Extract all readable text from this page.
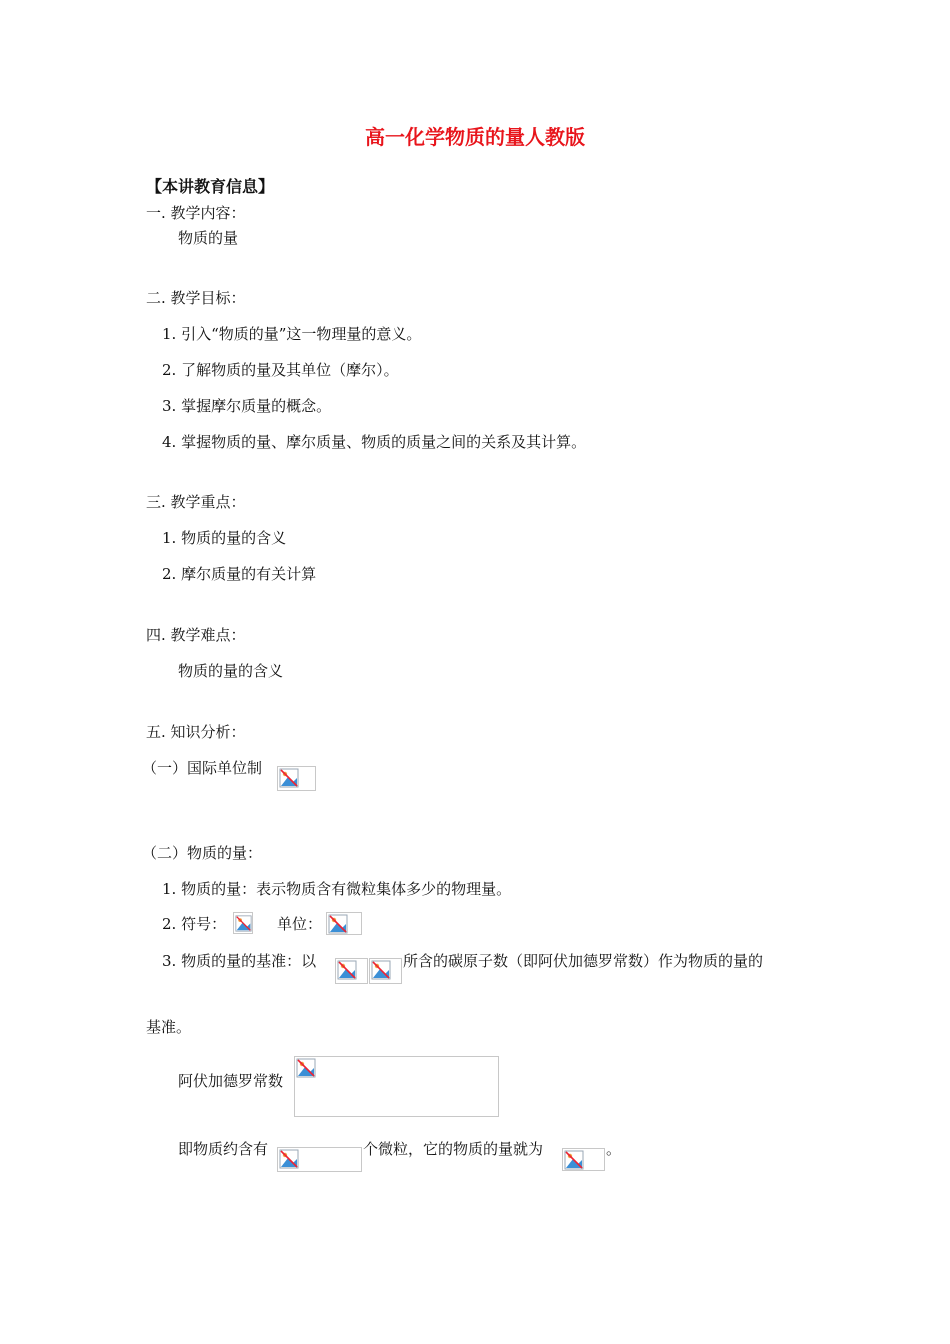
高一化学物质的量人教版
【本讲教育信息】
一. 教学内容：
物质的量
二. 教学目标：
1. 引入“物质的量”这一物理量的意义。
2. 了解物质的量及其单位（摩尔）。
3. 掌握摩尔质量的概念。
4. 掌握物质的量、摩尔质量、物质的质量之间的关系及其计算。
三. 教学重点：
1. 物质的量的含义
2. 摩尔质量的有关计算
四. 教学难点：
物质的量的含义
五. 知识分析：
（一）国际单位制
（二）物质的量：
1. 物质的量：表示物质含有微粒集体多少的物理量。
2. 符号：	单位：
3. 物质的量的基准：以	所含的碳原子数（即阿伏加德罗常数）作为物质的量的
基准。
阿伏加德罗常数
即物质约含有	个微粒，它的物质的量就为	。
